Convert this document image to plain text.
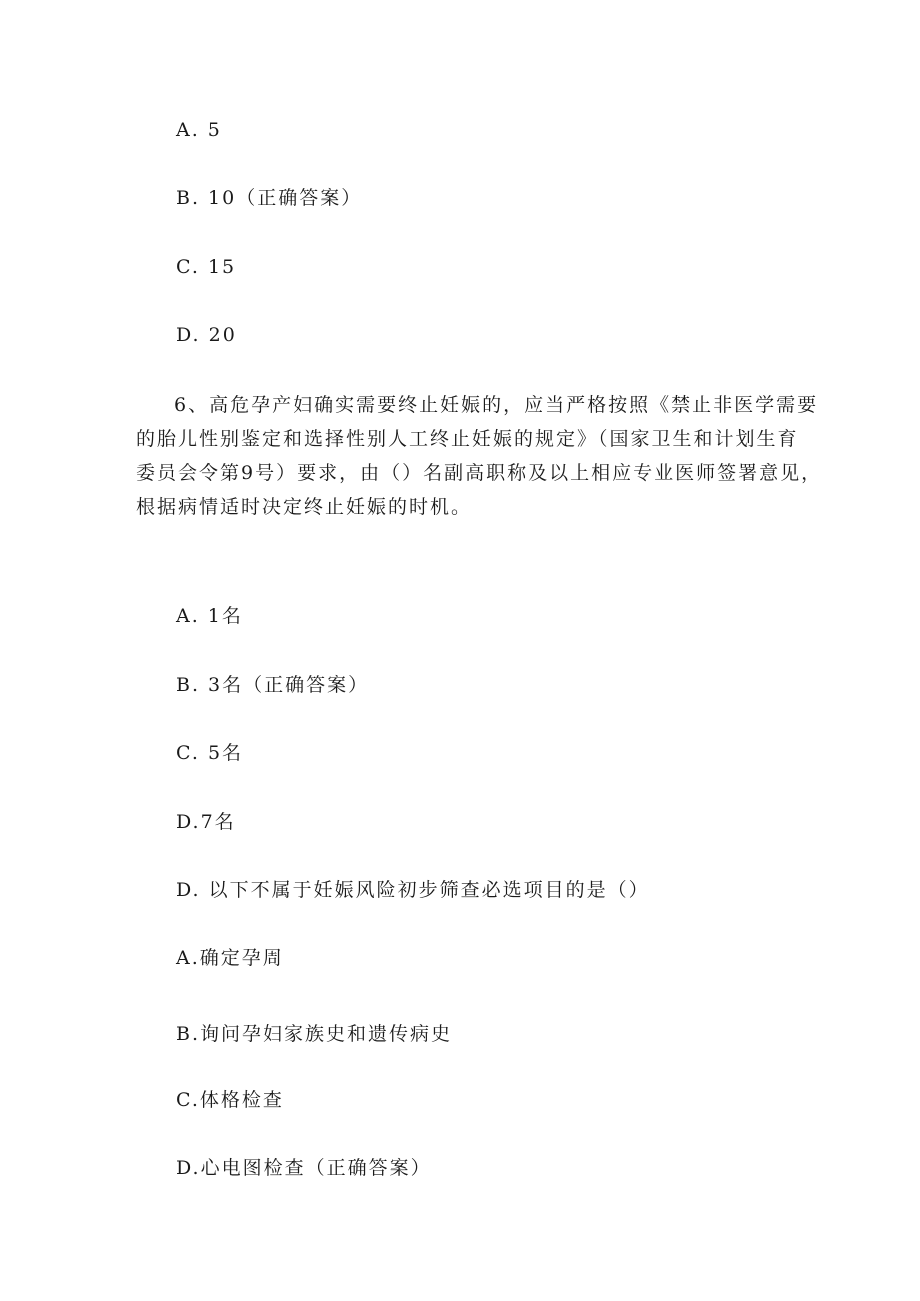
A. 5

B. 10（正确答案）

C. 15

D. 20

6、高危孕产妇确实需要终止妊娠的，应当严格按照《禁止非医学需要
的胎儿性别鉴定和选择性别人工终止妊娠的规定》（国家卫生和计划生育
委员会令第9号）要求，由（）名副高职称及以上相应专业医师签署意见，
根据病情适时决定终止妊娠的时机。

A. 1名

B. 3名（正确答案）

C. 5名

D.7名

D. 以下不属于妊娠风险初步筛查必选项目的是（）

A.确定孕周

B.询问孕妇家族史和遗传病史

C.体格检查

D.心电图检查（正确答案）
